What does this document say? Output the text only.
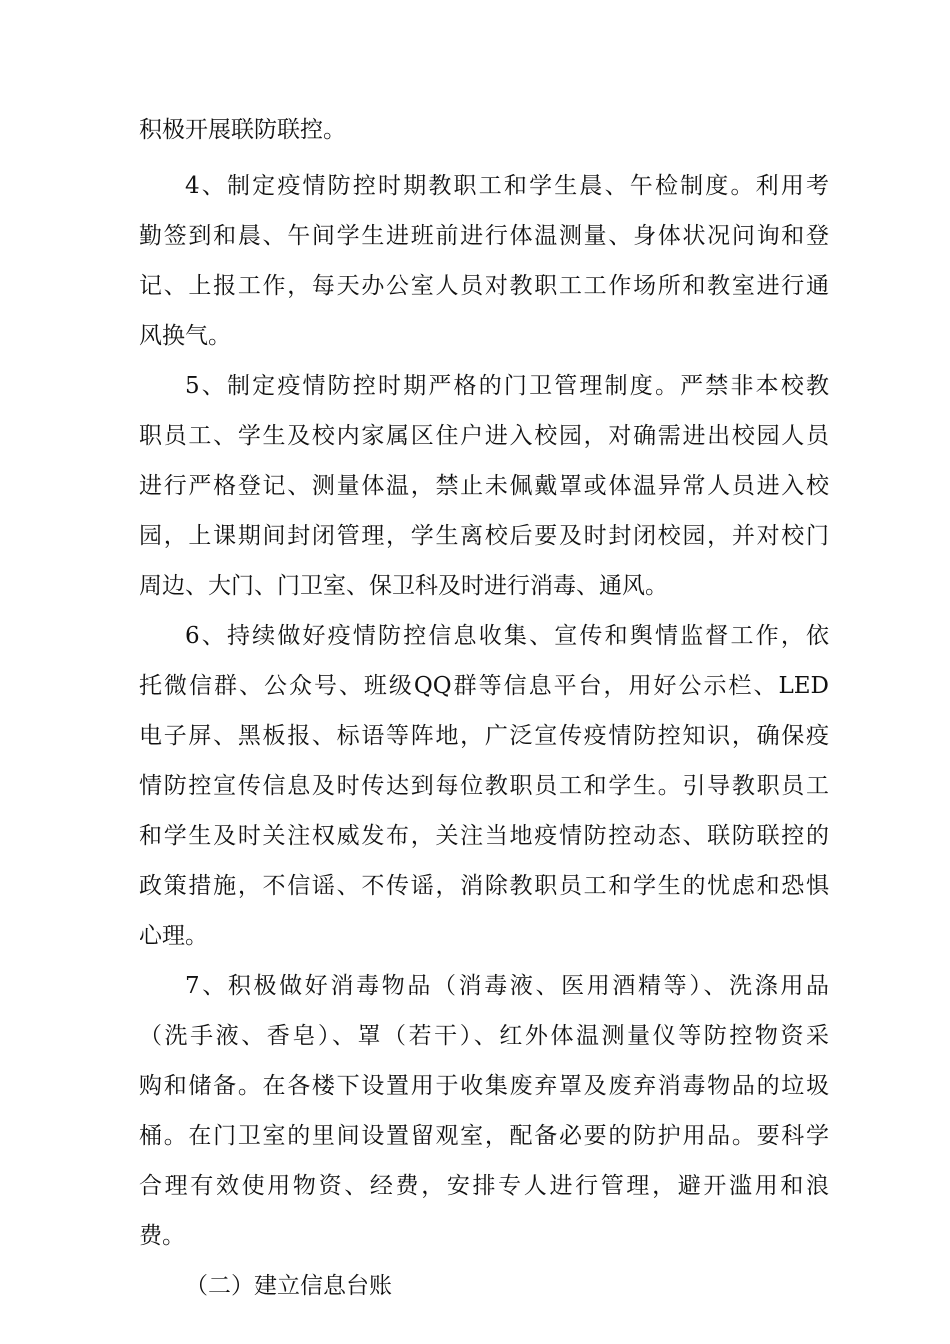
积极开展联防联控。
4、制定疫情防控时期教职工和学生晨、午检制度。利用考
勤签到和晨、午间学生进班前进行体温测量、身体状况问询和登
记、上报工作，每天办公室人员对教职工工作场所和教室进行通
风换气。
5、制定疫情防控时期严格的门卫管理制度。严禁非本校教
职员工、学生及校内家属区住户进入校园，对确需进出校园人员
进行严格登记、测量体温，禁止未佩戴罩或体温异常人员进入校
园，上课期间封闭管理，学生离校后要及时封闭校园，并对校门
周边、大门、门卫室、保卫科及时进行消毒、通风。
6、持续做好疫情防控信息收集、宣传和舆情监督工作，依
托微信群、公众号、班级QQ群等信息平台，用好公示栏、LED
电子屏、黑板报、标语等阵地，广泛宣传疫情防控知识，确保疫
情防控宣传信息及时传达到每位教职员工和学生。引导教职员工
和学生及时关注权威发布，关注当地疫情防控动态、联防联控的
政策措施，不信谣、不传谣，消除教职员工和学生的忧虑和恐惧
心理。
7、积极做好消毒物品（消毒液、医用酒精等）、洗涤用品
（洗手液、香皂）、罩（若干）、红外体温测量仪等防控物资采
购和储备。在各楼下设置用于收集废弃罩及废弃消毒物品的垃圾
桶。在门卫室的里间设置留观室，配备必要的防护用品。要科学
合理有效使用物资、经费，安排专人进行管理，避开滥用和浪
费。
（二）建立信息台账
